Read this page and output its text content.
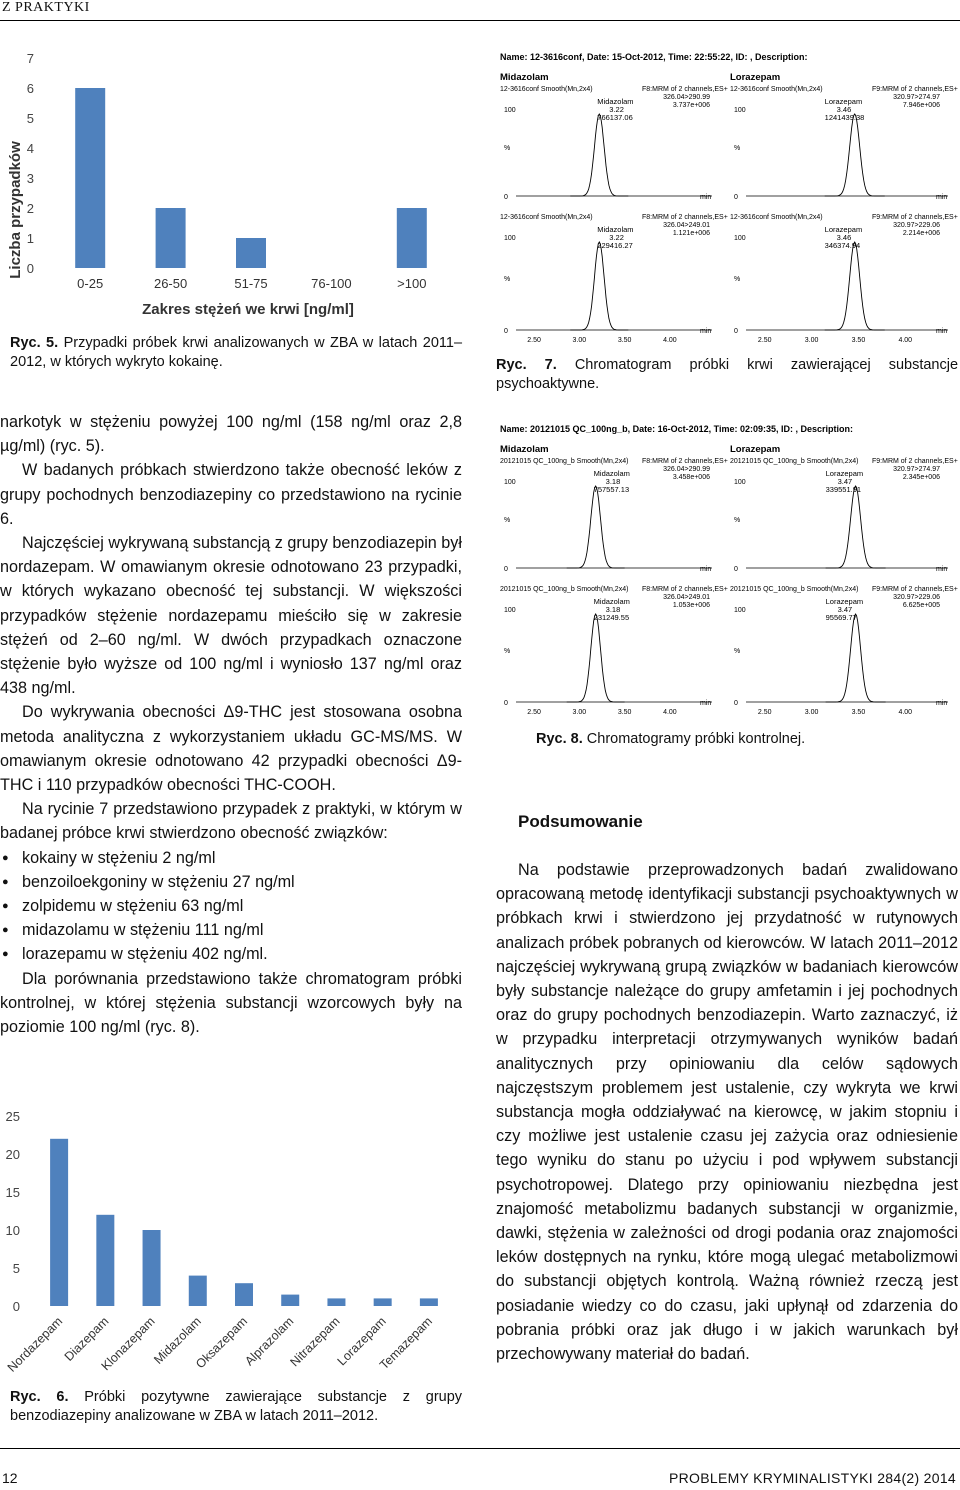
Z PRAKTYKI
0
1
2
3
4
5
6
7
0-25	26-50	51-75	76-100	>100
Zakres stężeń we krwi [ng/ml]
Liczba przypadków
Ryc. 5. Przypadki próbek krwi analizowanych w ZBA w latach 2011–2012, w których wykryto kokainę.

narkotyk w stężeniu powyżej 100 ng/ml (158 ng/ml oraz 2,8 µg/ml) (ryc. 5).

W badanych próbkach stwierdzono także obecność leków z grupy pochodnych benzodiazepiny co przedstawiono na rycinie 6.

Najczęściej wykrywaną substancją z grupy benzodiazepin był nordazepam. W omawianym okresie odnotowano 23 przypadki, w których wykazano obecność tej substancji. W większości przypadków stężenie nordazepamu mieściło się w zakresie stężeń od 2–60 ng/ml. W dwóch przypadkach oznaczone stężenie było wyższe od 100 ng/ml i wyniosło 137 ng/ml oraz 438 ng/ml.

Do wykrywania obecności Δ9-THC jest stosowana osobna metoda analityczna z wykorzystaniem układu GC-MS/MS. W omawianym okresie odnotowano 42 przypadki obecności Δ9-THC i 110 przypadków obecności THC-COOH.

Na rycinie 7 przedstawiono przypadek z praktyki, w którym w badanej próbce krwi stwierdzono obecność związków:

● kokainy w stężeniu 2 ng/ml
● benzoiloekgoniny w stężeniu 27 ng/ml
● zolpidemu w stężeniu 63 ng/ml
● midazolamu w stężeniu 111 ng/ml
● lorazepamu w stężeniu 402 ng/ml.

Dla porównania przedstawiono także chromatogram próbki kontrolnej, w której stężenia substancji wzorcowych były na poziomie 100 ng/ml (ryc. 8).

0
5
10
15
20
25
Nordazepam
Diazepam
Klonazepam
Midazolam
Oksazepam
Alprazolam
Nitrazepam
Lorazepam
Temazepam
Ryc. 6. Próbki pozytywne zawierające substancje z grupy benzodiazepiny analizowane w ZBA w latach 2011–2012.
Name: 12-3616conf, Date: 15-Oct-2012, Time: 22:55:22, ID: , Description:
Midazolam	Lorazepam
12-3616conf Smooth(Mn,2x4)	F8:MRM of 2 channels,ES+
326.04>290.99
3.737e+006
100
%
0	min
Midazolam
3.22
766137.06
12-3616conf Smooth(Mn,2x4)	F9:MRM of 2 channels,ES+
320.97>274.97
7.946e+006
100
%
0	min
Lorazepam
3.46
1241439.38
12-3616conf Smooth(Mn,2x4)	F8:MRM of 2 channels,ES+
326.04>249.01
1.121e+006
100
%
0	min
2.50	3.00	3.50	4.00
Midazolam
3.22
229416.27
12-3616conf Smooth(Mn,2x4)	F9:MRM of 2 channels,ES+
320.97>229.06
2.214e+006
100
%
0	min
2.50	3.00	3.50	4.00
Lorazepam
3.46
346374.94
Ryc. 7. Chromatogram próbki krwi zawierającej substancje psychoaktywne.
Name: 20121015 QC_100ng_b, Date: 16-Oct-2012, Time: 02:09:35, ID: , Description:
Midazolam	Lorazepam
20121015 QC_100ng_b Smooth(Mn,2x4) F8:MRM of 2 channels,ES+
326.04>290.99
3.458e+006
100
%
0	min
Midazolam
3.18
757557.13
20121015 QC_100ng_b Smooth(Mn,2x4) F9:MRM of 2 channels,ES+
320.97>274.97
2.345e+006
100
%
0	min
Lorazepam
3.47
339551.91
20121015 QC_100ng_b Smooth(Mn,2x4) F8:MRM of 2 channels,ES+
326.04>249.01
1.053e+006
100
%
0	min
2.50	3.00	3.50	4.00
Midazolam
3.18
231249.55
20121015 QC_100ng_b Smooth(Mn,2x4) F9:MRM of 2 channels,ES+
320.97>229.06
6.625e+005
100
%
0	min
2.50	3.00	3.50	4.00
Lorazepam
3.47
95569.77
Ryc. 8. Chromatogramy próbki kontrolnej.
Podsumowanie

Na podstawie przeprowadzonych badań zwalidowano opracowaną metodę identyfikacji substancji psychoaktywnych w próbkach krwi i stwierdzono jej przydatność w rutynowych analizach próbek pobranych od kierowców. W latach 2011–2012 najczęściej wykrywaną grupą związków w badaniach kierowców były substancje należące do grupy amfetamin i jej pochodnych oraz do grupy pochodnych benzodiazepin. Warto zaznaczyć, iż w przypadku interpretacji otrzymywanych wyników badań analitycznych przy opiniowaniu dla celów sądowych najczęstszym problemem jest ustalenie, czy wykryta we krwi substancja mogła oddziaływać na kierowcę, w jakim stopniu i czy możliwe jest ustalenie czasu jej zażycia oraz odniesienie tego wyniku do stanu po użyciu i pod wpływem substancji psychotropowej. Dlatego przy opiniowaniu niezbędna jest znajomość metabolizmu badanych substancji w organizmie, dawki, stężenia w zależności od drogi podania oraz znajomości leków dostępnych na rynku, które mogą ulegać metabolizmowi do substancji objętych kontrolą. Ważną również rzeczą jest posiadanie wiedzy co do czasu, jaki upłynął od zdarzenia do pobrania próbki oraz jak długo i w jakich warunkach był przechowywany materiał do badań.

12	PROBLEMY KRYMINALISTYKI 284(2) 2014
